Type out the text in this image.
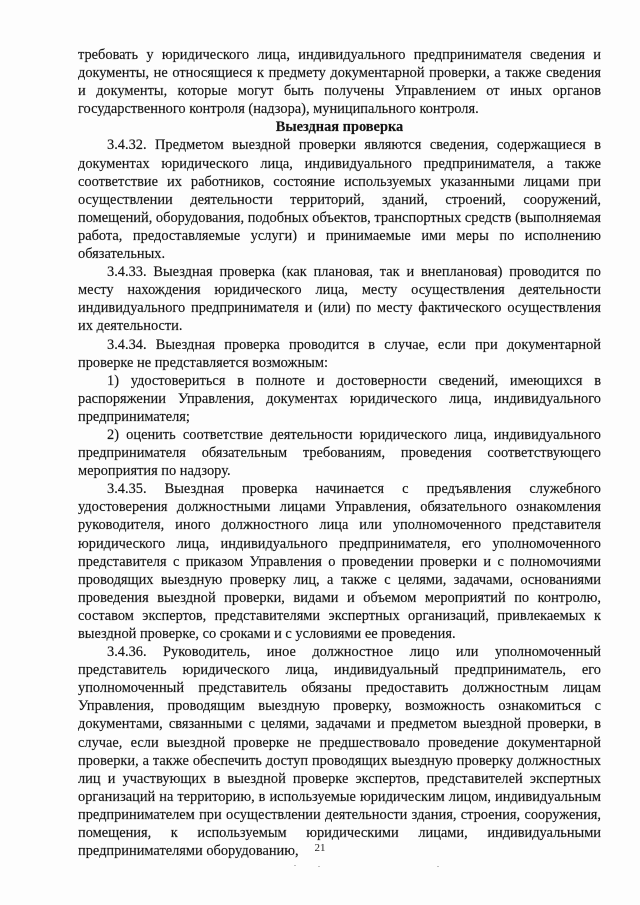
требовать у юридического лица, индивидуального предпринимателя сведения и документы, не относящиеся к предмету документарной проверки, а также сведения и документы, которые могут быть получены Управлением от иных органов государственного контроля (надзора), муниципального контроля.

Выездная проверка

3.4.32. Предметом выездной проверки являются сведения, содержащиеся в документах юридического лица, индивидуального предпринимателя, а также соответствие их работников, состояние используемых указанными лицами при осуществлении деятельности территорий, зданий, строений, сооружений, помещений, оборудования, подобных объектов, транспортных средств (выполняемая работа, предоставляемые услуги) и принимаемые ими меры по исполнению обязательных.

3.4.33. Выездная проверка (как плановая, так и внеплановая) проводится по месту нахождения юридического лица, месту осуществления деятельности индивидуального предпринимателя и (или) по месту фактического осуществления их деятельности.

3.4.34. Выездная проверка проводится в случае, если при документарной проверке не представляется возможным:

1) удостовериться в полноте и достоверности сведений, имеющихся в распоряжении Управления, документах юридического лица, индивидуального предпринимателя;

2) оценить соответствие деятельности юридического лица, индивидуального предпринимателя обязательным требованиям, проведения соответствующего мероприятия по надзору.

3.4.35. Выездная проверка начинается с предъявления служебного удостоверения должностными лицами Управления, обязательного ознакомления руководителя, иного должностного лица или уполномоченного представителя юридического лица, индивидуального предпринимателя, его уполномоченного представителя с приказом Управления о проведении проверки и с полномочиями проводящих выездную проверку лиц, а также с целями, задачами, основаниями проведения выездной проверки, видами и объемом мероприятий по контролю, составом экспертов, представителями экспертных организаций, привлекаемых к выездной проверке, со сроками и с условиями ее проведения.

3.4.36. Руководитель, иное должностное лицо или уполномоченный представитель юридического лица, индивидуальный предприниматель, его уполномоченный представитель обязаны предоставить должностным лицам Управления, проводящим выездную проверку, возможность ознакомиться с документами, связанными с целями, задачами и предметом выездной проверки, в случае, если выездной проверке не предшествовало проведение документарной проверки, а также обеспечить доступ проводящих выездную проверку должностных лиц и участвующих в выездной проверке экспертов, представителей экспертных организаций на территорию, в используемые юридическим лицом, индивидуальным предпринимателем при осуществлении деятельности здания, строения, сооружения, помещения, к используемым юридическими лицами, индивидуальными предпринимателями оборудованию,	21
